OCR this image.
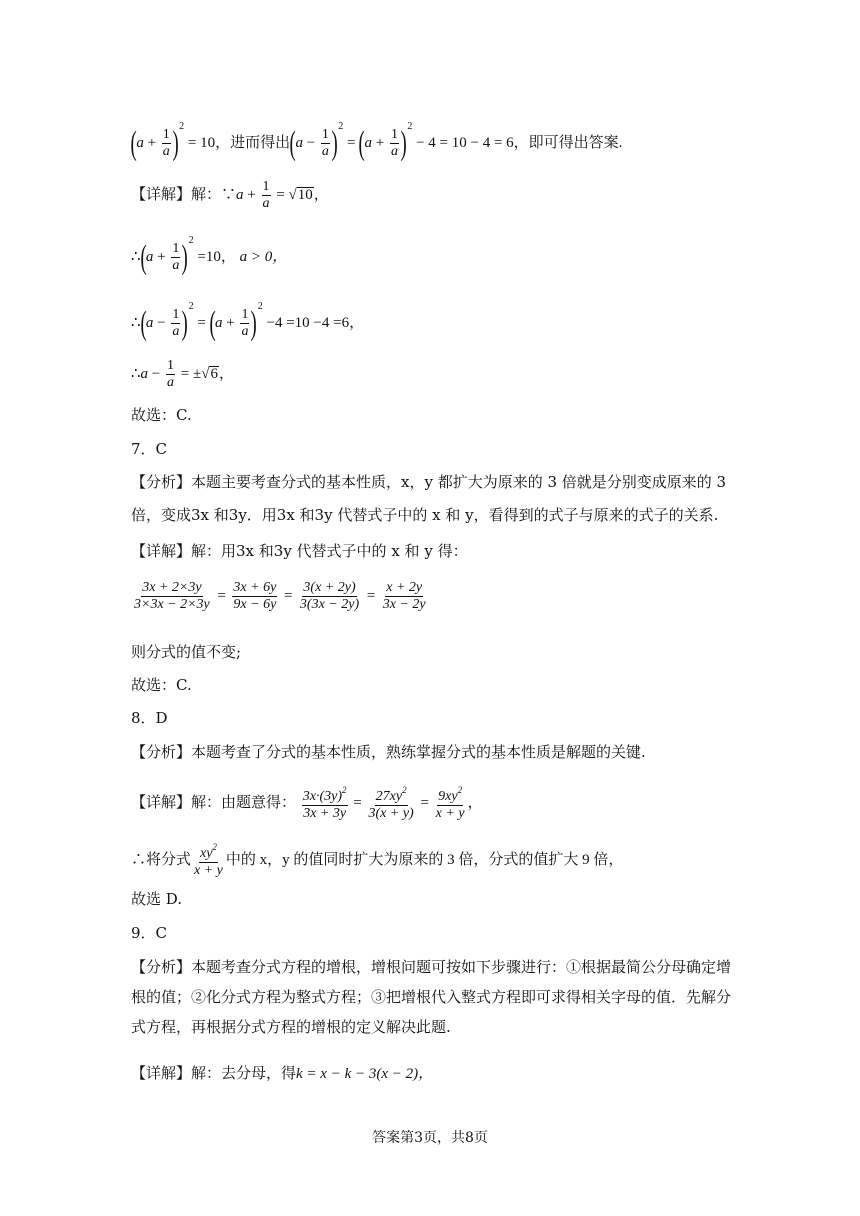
$(a + \frac{1}{a} )^2 = 10$，进而得出$(a - \frac{1}{a} )^2 = (a + \frac{1}{a} )^2 - 4 = 10 - 4 = 6$，即可得出答案.
【详解】解：∵a + $\frac{1}{a} = √10$，
∴(a + $\frac{1}{a} )^2 =10$， a > 0，
∴(a − $\frac{1}{a} )^2 = (a + \frac{1}{a} )^2 -4 =10 -4 =6$，
∴a − $\frac{1}{a} = \pm√6$，
故选：C.
7．C
【分析】本题主要考查分式的基本性质，x，y 都扩大为原来的 3 倍就是分别变成原来的 3
倍，变成3x 和3y．用3x 和3y 代替式子中的 x 和 y，看得到的式子与原来的式子的关系.
【详解】解：用3x 和3y 代替式子中的 x 和 y 得：
$\frac{3x + 2\times 3y}{3\times 3x - 2\times 3y} = \frac{3x + 6y}{9x - 6y} = \frac{3(x + 2y)}{3(3x - 2y)} = \frac{x + 2y}{3x - 2y}$
则分式的值不变;
故选：C.
8．D
【分析】本题考查了分式的基本性质，熟练掌握分式的基本性质是解题的关键.
【详解】解：由题意得： $\frac{3x\cdot(3y)^2}{3x + 3y} = \frac{27xy^2}{3(x + y)} = \frac{9xy^2}{x + y}$ ，
∴将分式 $\frac{xy^2}{x + y}$ 中的 x，y 的值同时扩大为原来的 3 倍，分式的值扩大 9 倍，
故选 D.
9．C
【分析】本题考查分式方程的增根，增根问题可按如下步骤进行：①根据最简公分母确定增根的值；②化分式方程为整式方程；③把增根代入整式方程即可求得相关字母的值．先解分式方程，再根据分式方程的增根的定义解决此题.
【详解】解：去分母，得k = x − k − 3(x − 2)，
答案第3页，共8页
